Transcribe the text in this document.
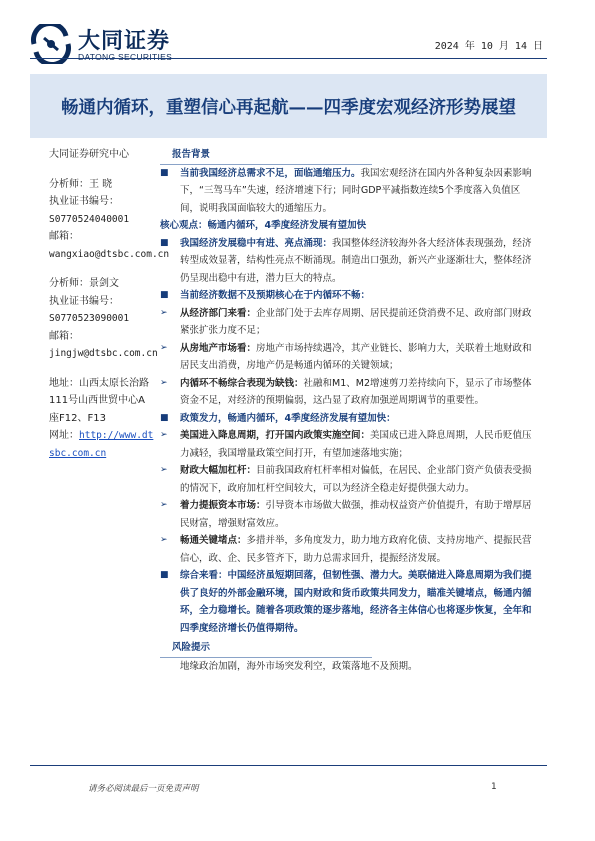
大同证券
DATONG SECURITIES
2024 年 10 月 14 日
畅通内循环，重塑信心再起航——四季度宏观经济形势展望

大同证券研究中心

分析师：王 晓

执业证书编号：

S0770524040001

邮箱：

wangxiao@dtsbc.com.cn

分析师：景剑文

执业证书编号：

S0770523090001

邮箱：

jingjw@dtsbc.com.cn

地址：山西太原长治路111号山西世贸中心A座F12、F13

网址：http://www.dtsbc.com.cn

报告背景

■	当前我国经济总需求不足，面临通缩压力。我国宏观经济在国内外各种复杂因素影响下，“三驾马车”失速，经济增速下行；同时GDP平减指数连续5个季度落入负值区间，说明我国面临较大的通缩压力。

核心观点：畅通内循环，4季度经济发展有望加快

■	我国经济发展稳中有进、亮点涌现：我国整体经济较海外各大经济体表现强劲，经济转型成效显著，结构性亮点不断涌现。制造出口强劲，新兴产业逐渐壮大，整体经济仍呈现出稳中有进，潜力巨大的特点。

■	当前经济数据不及预期核心在于内循环不畅：

➢	从经济部门来看：企业部门处于去库存周期、居民提前还贷消费不足、政府部门财政紧张扩张力度不足；

➢	从房地产市场看：房地产市场持续遇冷，其产业链长、影响力大，关联着土地财政和居民支出消费，房地产仍是畅通内循环的关键领域；

➢	内循环不畅综合表现为缺钱：社融和M1、M2增速剪刀差持续向下，显示了市场整体资金不足，对经济的预期偏弱，这凸显了政府加强逆周期调节的重要性。

■	政策发力，畅通内循环，4季度经济发展有望加快：

➢	美国进入降息周期，打开国内政策实施空间：美国成已进入降息周期，人民币贬值压力减轻，我国增量政策空间打开，有望加速落地实施；

➢	财政大幅加杠杆：目前我国政府杠杆率相对偏低，在居民、企业部门资产负债表受损的情况下，政府加杠杆空间较大，可以为经济全稳走好提供强大动力。

➢	着力提振资本市场：引导资本市场做大做强，推动权益资产价值提升，有助于增厚居民财富，增强财富效应。

➢	畅通关键堵点：多措并举，多角度发力，助力地方政府化债、支持房地产、提振民营信心，政、企、民多管齐下，助力总需求回升，提振经济发展。

■	综合来看：中国经济虽短期回落，但韧性强、潜力大。美联储进入降息周期为我们提供了良好的外部金融环境，国内财政和货币政策共同发力，瞄准关键堵点，畅通内循环，全力稳增长。随着各项政策的逐步落地，经济各主体信心也将逐步恢复，全年和四季度经济增长仍值得期待。

风险提示

地缘政治加剧，海外市场突发利空，政策落地不及预期。

请务必阅读最后一页免责声明	1
